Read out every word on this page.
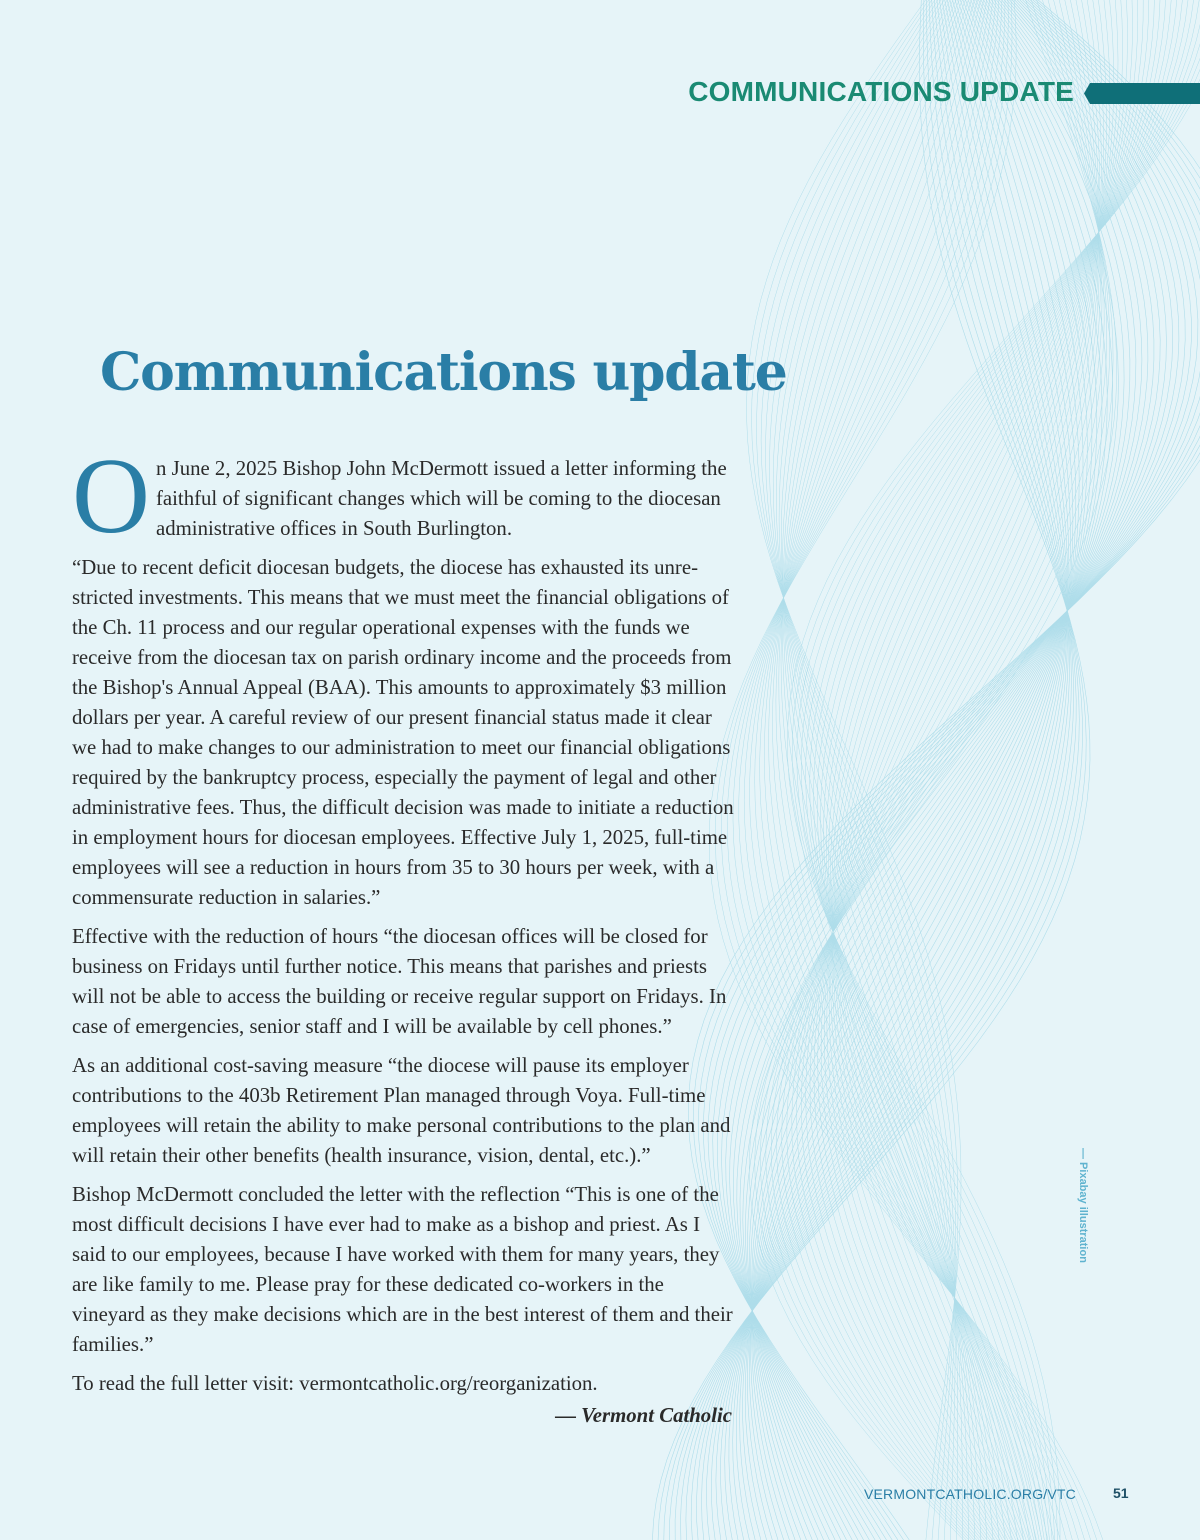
COMMUNICATIONS UPDATE
Communications update

O n June 2, 2025 Bishop John McDermott issued a letter informing the faithful of significant changes which will be coming to the diocesan administrative offices in South Burlington.

“Due to recent deficit diocesan budgets, the diocese has exhausted its unrestricted investments. This means that we must meet the financial obligations of the Ch. 11 process and our regular operational expenses with the funds we receive from the diocesan tax on parish ordinary income and the proceeds from the Bishop's Annual Appeal (BAA). This amounts to approximately $3 million dollars per year. A careful review of our present financial status made it clear we had to make changes to our administration to meet our financial obligations required by the bankruptcy process, especially the payment of legal and other administrative fees. Thus, the difficult decision was made to initiate a reduction in employment hours for diocesan employees. Effective July 1, 2025, full-time employees will see a reduction in hours from 35 to 30 hours per week, with a commensurate reduction in salaries.”

Effective with the reduction of hours “the diocesan offices will be closed for business on Fridays until further notice. This means that parishes and priests will not be able to access the building or receive regular support on Fridays. In case of emergencies, senior staff and I will be available by cell phones.”

As an additional cost-saving measure “the diocese will pause its employer contributions to the 403b Retirement Plan managed through Voya. Full-time employees will retain the ability to make personal contributions to the plan and will retain their other benefits (health insurance, vision, dental, etc.).”

Bishop McDermott concluded the letter with the reflection “This is one of the most difficult decisions I have ever had to make as a bishop and priest. As I said to our employees, because I have worked with them for many years, they are like family to me. Please pray for these dedicated co-workers in the vineyard as they make decisions which are in the best interest of them and their families.”

To read the full letter visit: vermontcatholic.org/reorganization.

— Vermont Catholic

— Pixabay illustration

VERMONTCATHOLIC.ORG/VTC	51
